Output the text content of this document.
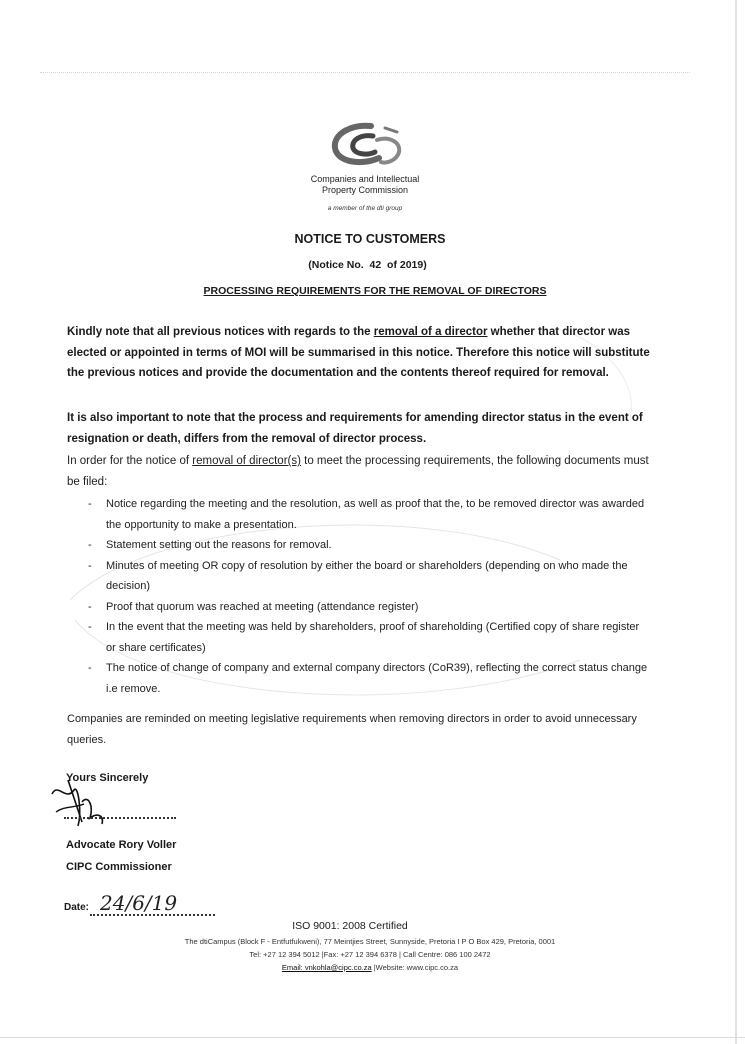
Companies and Intellectual
Property Commission
a member of the dti group
NOTICE TO CUSTOMERS
(Notice No. 42 of 2019)
PROCESSING REQUIREMENTS FOR THE REMOVAL OF DIRECTORS
Kindly note that all previous notices with regards to the removal of a director whether that director was elected or appointed in terms of MOI will be summarised in this notice. Therefore this notice will substitute the previous notices and provide the documentation and the contents thereof required for removal.
It is also important to note that the process and requirements for amending director status in the event of resignation or death, differs from the removal of director process.
In order for the notice of removal of director(s) to meet the processing requirements, the following documents must be filed:
- Notice regarding the meeting and the resolution, as well as proof that the, to be removed director was awarded the opportunity to make a presentation.
- Statement setting out the reasons for removal.
- Minutes of meeting OR copy of resolution by either the board or shareholders (depending on who made the decision)
- Proof that quorum was reached at meeting (attendance register)
- In the event that the meeting was held by shareholders, proof of shareholding (Certified copy of share register or share certificates)
- The notice of change of company and external company directors (CoR39), reflecting the correct status change i.e remove.
Companies are reminded on meeting legislative requirements when removing directors in order to avoid unnecessary queries.
Yours Sincerely
Advocate Rory Voller
CIPC Commissioner
Date: 24/6/19
ISO 9001: 2008 Certified
The dtiCampus (Block F - Entfutfukweni), 77 Meintjies Street, Sunnyside, Pretoria I P O Box 429, Pretoria, 0001
Tel: +27 12 394 5012 |Fax: +27 12 394 6378 | Call Centre: 086 100 2472
Email: vnkohla@cipc.co.za |Website: www.cipc.co.za
